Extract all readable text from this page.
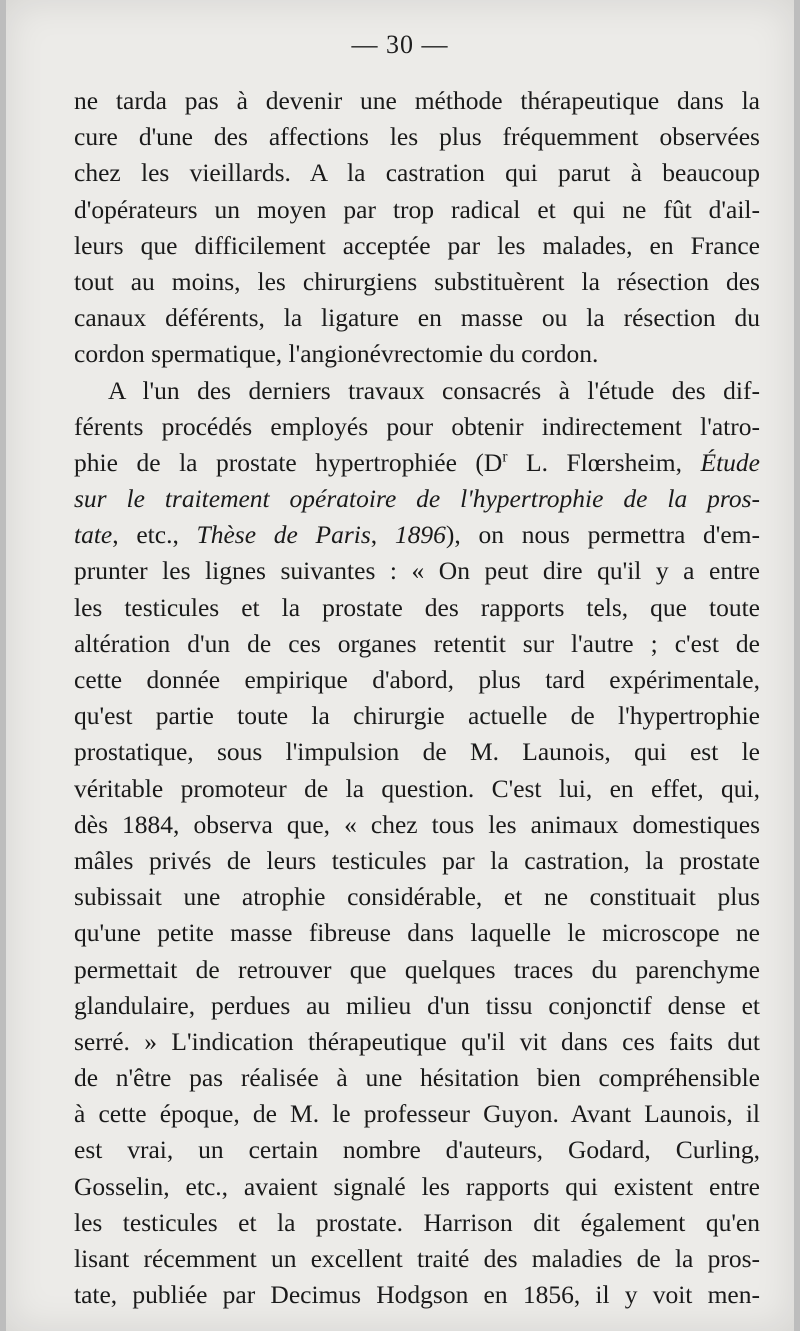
— 30 —
ne tarda pas à devenir une méthode thérapeutique dans la
cure d'une des affections les plus fréquemment observées
chez les vieillards. A la castration qui parut à beaucoup
d'opérateurs un moyen par trop radical et qui ne fût d'ail-
leurs que difficilement acceptée par les malades, en France
tout au moins, les chirurgiens substituèrent la résection des
canaux déférents, la ligature en masse ou la résection du
cordon spermatique, l'angionévrectomie du cordon.
A l'un des derniers travaux consacrés à l'étude des dif-
férents procédés employés pour obtenir indirectement l'atro-
phie de la prostate hypertrophiée ($D^r$ L. Flœrsheim, Étude
sur le traitement opératoire de l'hypertrophie de la pros-
tate, etc., Thèse de Paris, 1896), on nous permettra d'em-
prunter les lignes suivantes : « On peut dire qu'il y a entre
les testicules et la prostate des rapports tels, que toute
altération d'un de ces organes retentit sur l'autre ; c'est de
cette donnée empirique d'abord, plus tard expérimentale,
qu'est partie toute la chirurgie actuelle de l'hypertrophie
prostatique, sous l'impulsion de M. Launois, qui est le
véritable promoteur de la question. C'est lui, en effet, qui,
dès 1884, observa que, « chez tous les animaux domestiques
mâles privés de leurs testicules par la castration, la prostate
subissait une atrophie considérable, et ne constituait plus
qu'une petite masse fibreuse dans laquelle le microscope ne
permettait de retrouver que quelques traces du parenchyme
glandulaire, perdues au milieu d'un tissu conjonctif dense et
serré. » L'indication thérapeutique qu'il vit dans ces faits dut
de n'être pas réalisée à une hésitation bien compréhensible
à cette époque, de M. le professeur Guyon. Avant Launois, il
est vrai, un certain nombre d'auteurs, Godard, Curling,
Gosselin, etc., avaient signalé les rapports qui existent entre
les testicules et la prostate. Harrison dit également qu'en
lisant récemment un excellent traité des maladies de la pros-
tate, publiée par Decimus Hodgson en 1856, il y voit men-
